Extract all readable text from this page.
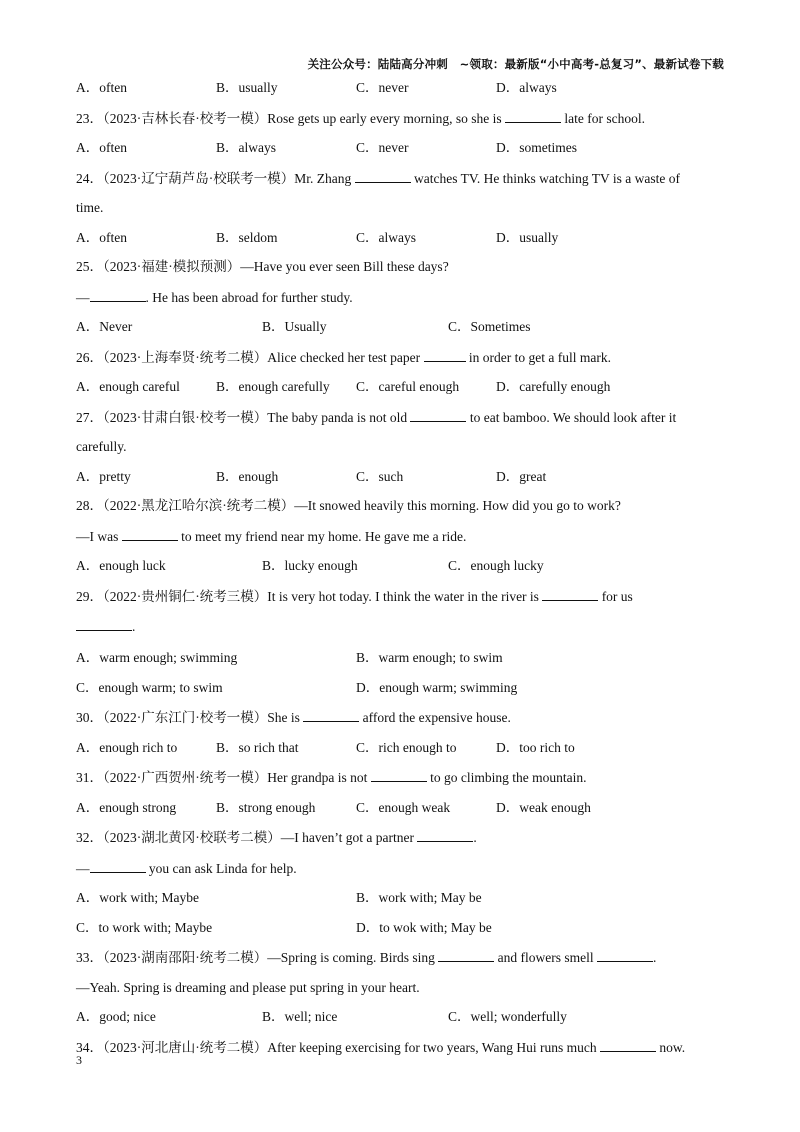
关注公众号：陆陆高分冲刺　~领取：最新版“小中高考-总复习”、最新试卷下载
A．often	B．usually	C．never	D．always
23．（2023·吉林长春·校考一模）Rose gets up early every morning, so she is	late for school.
A．often	B．always	C．never	D．sometimes
24．（2023·辽宁葫芦岛·校联考一模）Mr. Zhang	watches TV. He thinks watching TV is a waste of
time.
A．often	B．seldom	C．always	D．usually
25．（2023·福建·模拟预测）—Have you ever seen Bill these days?
—	. He has been abroad for further study.
A．Never	B．Usually	C．Sometimes
26．（2023·上海奉贤·统考二模）Alice checked her test paper	in order to get a full mark.
A．enough careful	B．enough carefully C．careful enough	D．carefully enough
27．（2023·甘肃白银·校考一模）The baby panda is not old	to eat bamboo. We should look after it
carefully.
A．pretty	B．enough	C．such	D．great
28．（2022·黑龙江哈尔滨·统考二模）—It snowed heavily this morning. How did you go to work?
—I was	to meet my friend near my home. He gave me a ride.
A．enough luck	B．lucky enough	C．enough lucky
29．（2022·贵州铜仁·统考三模）It is very hot today. I think the water in the river is	for us
.
A．warm enough; swimming	B．warm enough; to swim
C．enough warm; to swim	D．enough warm; swimming
30．（2022·广东江门·校考一模）She is	afford the expensive house.
A．enough rich to	B．so rich that	C．rich enough to	D．too rich to
31．（2022·广西贺州·统考一模）Her grandpa is not	to go climbing the mountain.
A．enough strong	B．strong enough	C．enough weak	D．weak enough
32．（2023·湖北黄冈·校联考二模）—I haven’t got a partner	.
—	you can ask Linda for help.
A．work with; Maybe	B．work with; May be
C．to work with; Maybe	D．to wok with; May be
33．（2023·湖南邵阳·统考二模）—Spring is coming. Birds sing	and flowers smell	.
—Yeah. Spring is dreaming and please put spring in your heart.
A．good; nice	B．well; nice	C．well; wonderfully
34．（2023·河北唐山·统考二模）After keeping exercising for two years, Wang Hui runs much	now.
3
